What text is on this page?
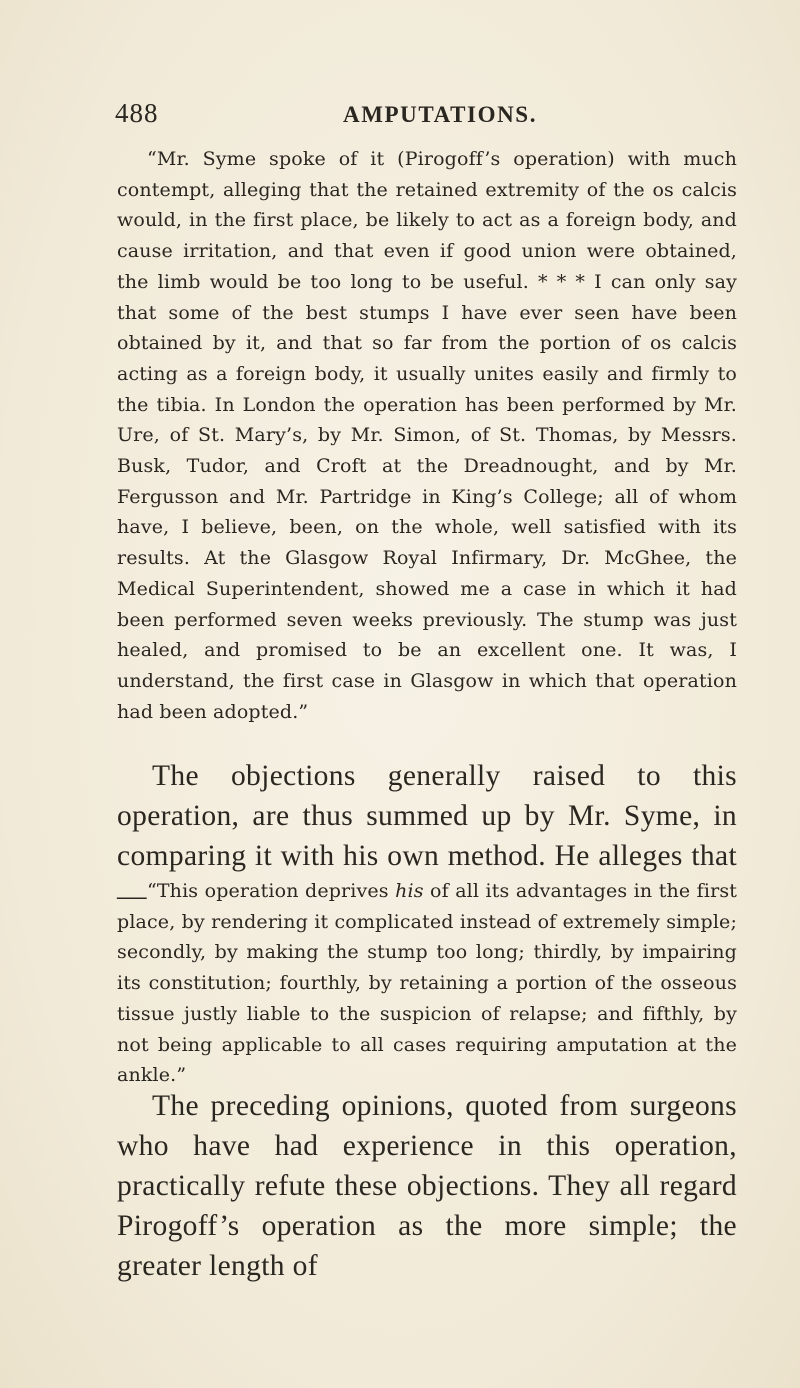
488	AMPUTATIONS.

“Mr. Syme spoke of it (Pirogoff’s operation) with much contempt, alleging that the retained extremity of the os calcis would, in the first place, be likely to act as a foreign body, and cause irritation, and that even if good union were obtained, the limb would be too long to be useful. * * * I can only say that some of the best stumps I have ever seen have been obtained by it, and that so far from the portion of os calcis acting as a foreign body, it usually unites easily and firmly to the tibia. In London the operation has been performed by Mr. Ure, of St. Mary’s, by Mr. Simon, of St. Thomas, by Messrs. Busk, Tudor, and Croft at the Dreadnought, and by Mr. Fergusson and Mr. Partridge in King’s College; all of whom have, I believe, been, on the whole, well satisfied with its results. At the Glasgow Royal Infirmary, Dr. McGhee, the Medical Superintendent, showed me a case in which it had been performed seven weeks previously. The stump was just healed, and promised to be an excellent one. It was, I understand, the first case in Glasgow in which that operation had been adopted.”

The objections generally raised to this operation, are thus summed up by Mr. Syme, in comparing it with his own method. He alleges that— “This operation deprives his of all its advantages in the first place, by rendering it complicated instead of extremely simple; secondly, by making the stump too long; thirdly, by impairing its constitution; fourthly, by retaining a portion of the osseous tissue justly liable to the suspicion of relapse; and fifthly, by not being applicable to all cases requiring amputation at the ankle.”

The preceding opinions, quoted from surgeons who have had experience in this operation, practically refute these objections. They all regard Pirogoff’s operation as the more simple; the greater length of
